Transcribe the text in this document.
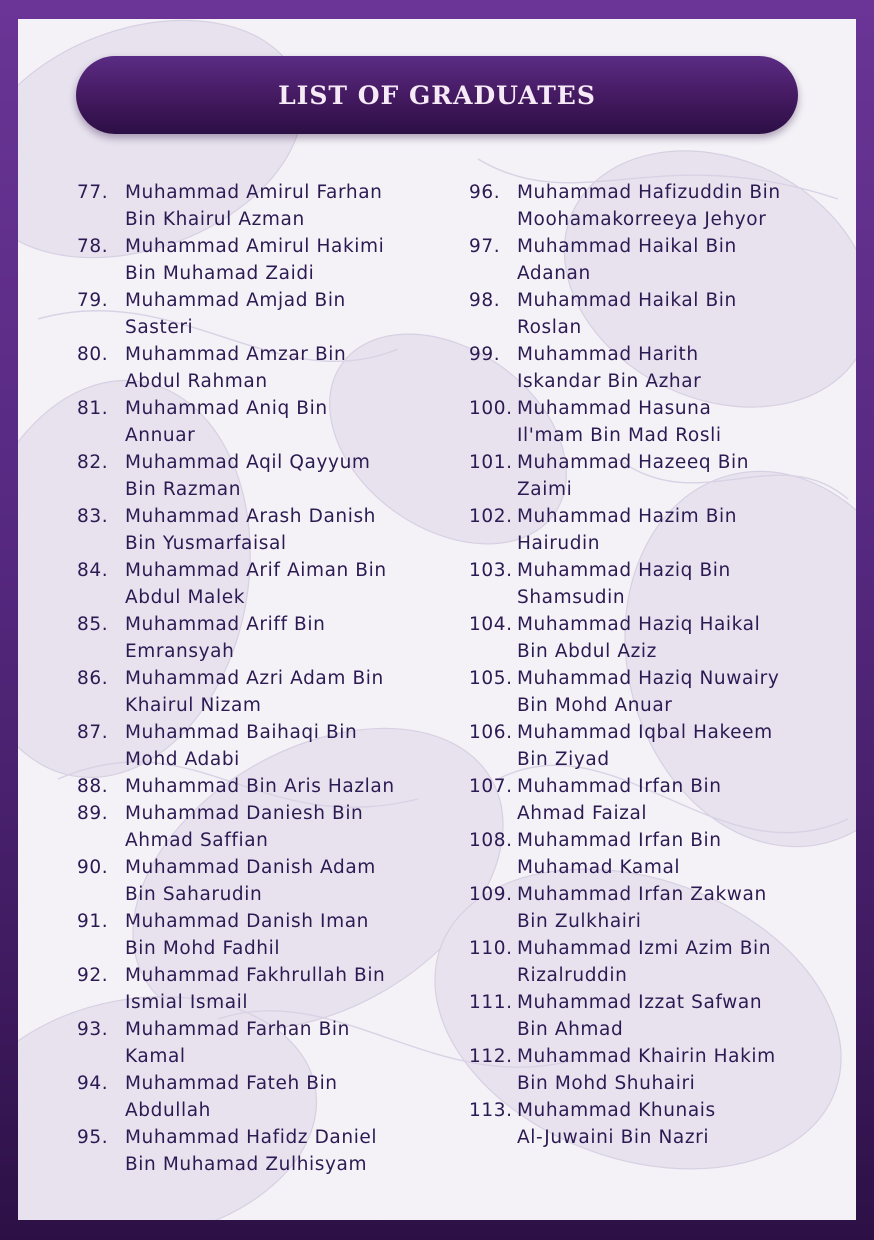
LIST OF GRADUATES
77. Muhammad Amirul Farhan
Bin Khairul Azman
78. Muhammad Amirul Hakimi
Bin Muhamad Zaidi
79. Muhammad Amjad Bin
Sasteri
80. Muhammad Amzar Bin
Abdul Rahman
81. Muhammad Aniq Bin
Annuar
82. Muhammad Aqil Qayyum
Bin Razman
83. Muhammad Arash Danish
Bin Yusmarfaisal
84. Muhammad Arif Aiman Bin
Abdul Malek
85. Muhammad Ariff Bin
Emransyah
86. Muhammad Azri Adam Bin
Khairul Nizam
87. Muhammad Baihaqi Bin
Mohd Adabi
88. Muhammad Bin Aris Hazlan
89. Muhammad Daniesh Bin
Ahmad Saffian
90. Muhammad Danish Adam
Bin Saharudin
91. Muhammad Danish Iman
Bin Mohd Fadhil
92. Muhammad Fakhrullah Bin
Ismial Ismail
93. Muhammad Farhan Bin
Kamal
94. Muhammad Fateh Bin
Abdullah
95. Muhammad Hafidz Daniel
Bin Muhamad Zulhisyam
96. Muhammad Hafizuddin Bin
Moohamakorreeya Jehyor
97. Muhammad Haikal Bin
Adanan
98. Muhammad Haikal Bin
Roslan
99. Muhammad Harith
Iskandar Bin Azhar
100. Muhammad Hasuna
Il'mam Bin Mad Rosli
101. Muhammad Hazeeq Bin
Zaimi
102. Muhammad Hazim Bin
Hairudin
103. Muhammad Haziq Bin
Shamsudin
104. Muhammad Haziq Haikal
Bin Abdul Aziz
105. Muhammad Haziq Nuwairy
Bin Mohd Anuar
106. Muhammad Iqbal Hakeem
Bin Ziyad
107. Muhammad Irfan Bin
Ahmad Faizal
108. Muhammad Irfan Bin
Muhamad Kamal
109. Muhammad Irfan Zakwan
Bin Zulkhairi
110. Muhammad Izmi Azim Bin
Rizalruddin
111. Muhammad Izzat Safwan
Bin Ahmad
112. Muhammad Khairin Hakim
Bin Mohd Shuhairi
113. Muhammad Khunais
Al-Juwaini Bin Nazri
